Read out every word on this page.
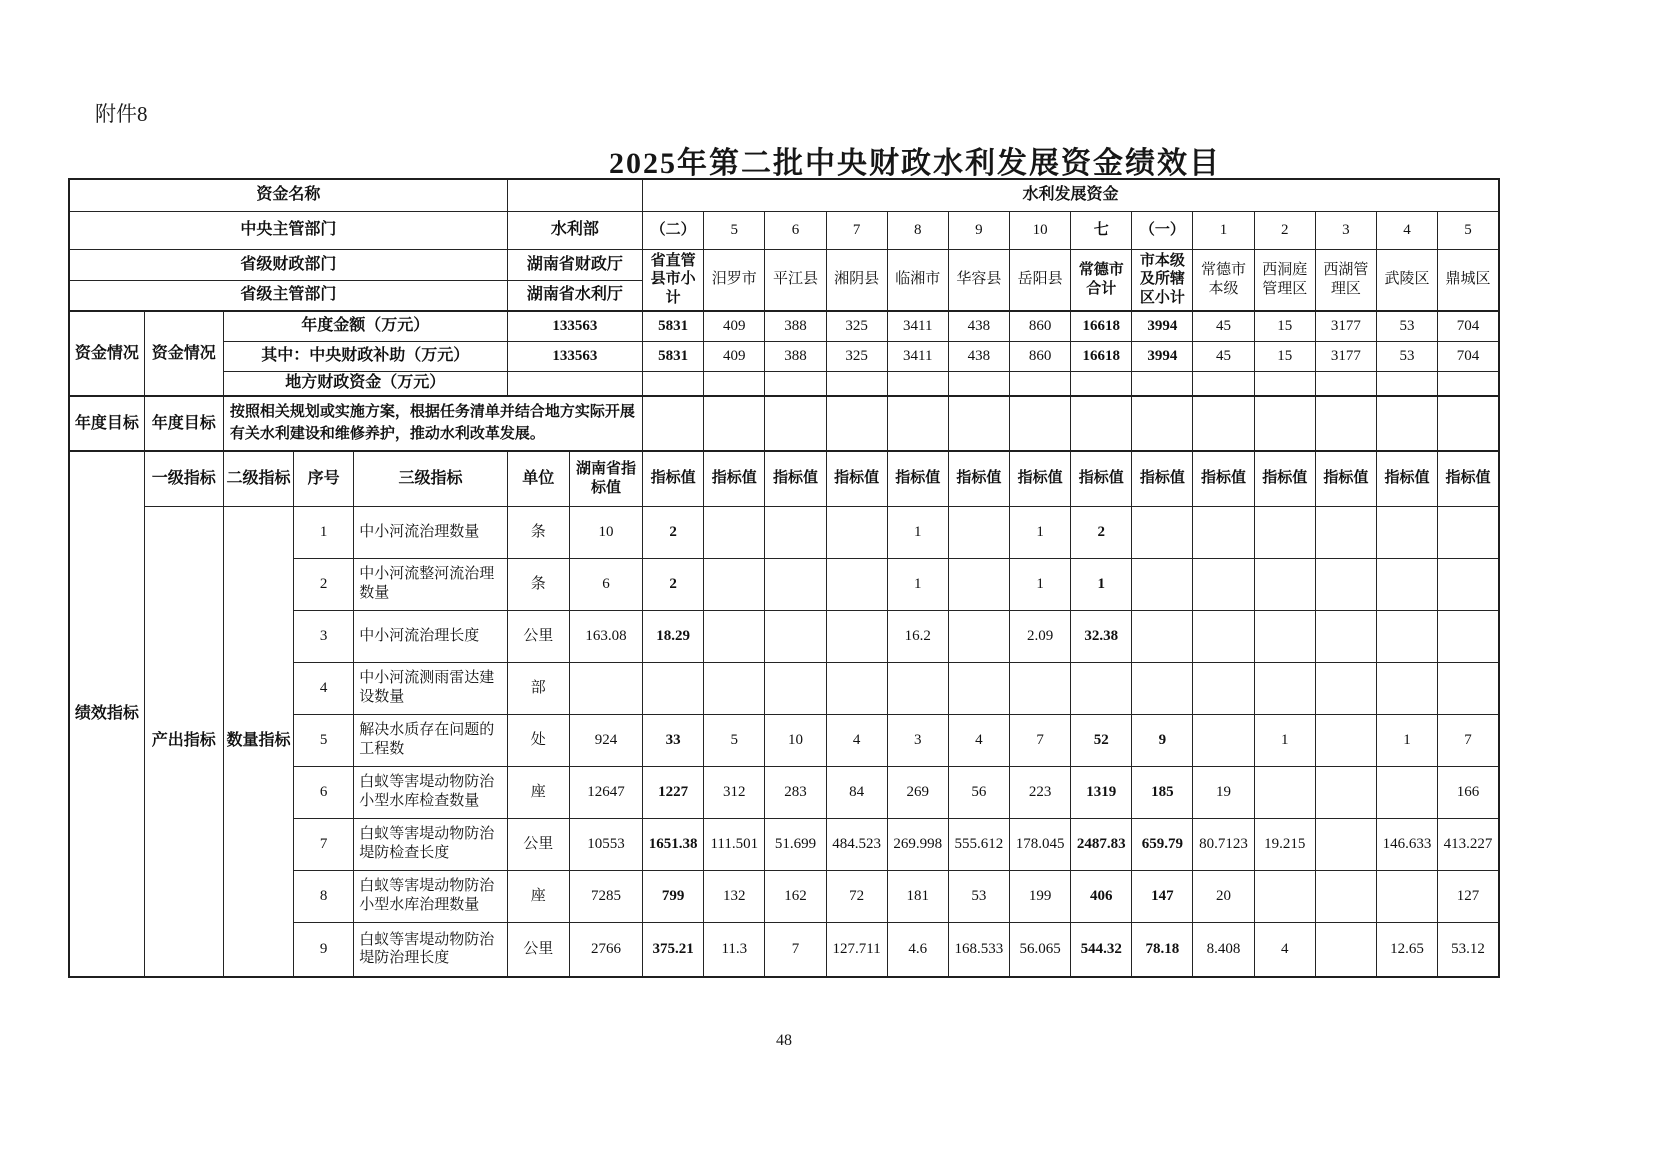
附件8
2025年第二批中央财政水利发展资金绩效目
资金名称							水利发展资金													
中央主管部门					水利部		（二）	5	6	7	8	9	10	七	（一）	1	2	3	4	5
省级财政部门					湖南省财政厅		省直管县市小计	汨罗市	平江县	湘阴县	临湘市	华容县	岳阳县	常德市合计	市本级及所辖区小计	常德市本级	西洞庭管理区	西湖管理区	武陵区	鼎城区
省级主管部门					湖南省水利厅															
资金情况	资金情况	年度金额（万元）			133563		5831	409	388	325	3411	438	860	16618	3994	45	15	3177	53	704
		其中：中央财政补助（万元）			133563		5831	409	388	325	3411	438	860	16618	3994	45	15	3177	53	704
		地方财政资金（万元）																		
年度目标	年度目标	按照相关规划或实施方案，根据任务清单并结合地方实际开展有关水利建设和维修养护，推动水利改革发展。																		
绩效指标	一级指标	二级指标	序号	三级指标	单位	湖南省指标值	指标值	指标值	指标值	指标值	指标值	指标值	指标值	指标值	指标值	指标值	指标值	指标值	指标值	指标值
	产出指标	数量指标	1	中小河流治理数量	条	10	2				1		1	2						
			2	中小河流整河流治理数量	条	6	2				1		1	1						
			3	中小河流治理长度	公里	163.08	18.29				16.2		2.09	32.38						
			4	中小河流测雨雷达建设数量	部															
			5	解决水质存在问题的工程数	处	924	33	5	10	4	3	4	7	52	9		1		1	7
			6	白蚁等害堤动物防治小型水库检查数量	座	12647	1227	312	283	84	269	56	223	1319	185	19				166
			7	白蚁等害堤动物防治堤防检查长度	公里	10553	1651.38	111.501	51.699	484.523	269.998	555.612	178.045	2487.83	659.79	80.7123	19.215		146.633	413.227
			8	白蚁等害堤动物防治小型水库治理数量	座	7285	799	132	162	72	181	53	199	406	147	20				127
			9	白蚁等害堤动物防治堤防治理长度	公里	2766	375.21	11.3	7	127.711	4.6	168.533	56.065	544.32	78.18	8.408	4		12.65	53.12
48
